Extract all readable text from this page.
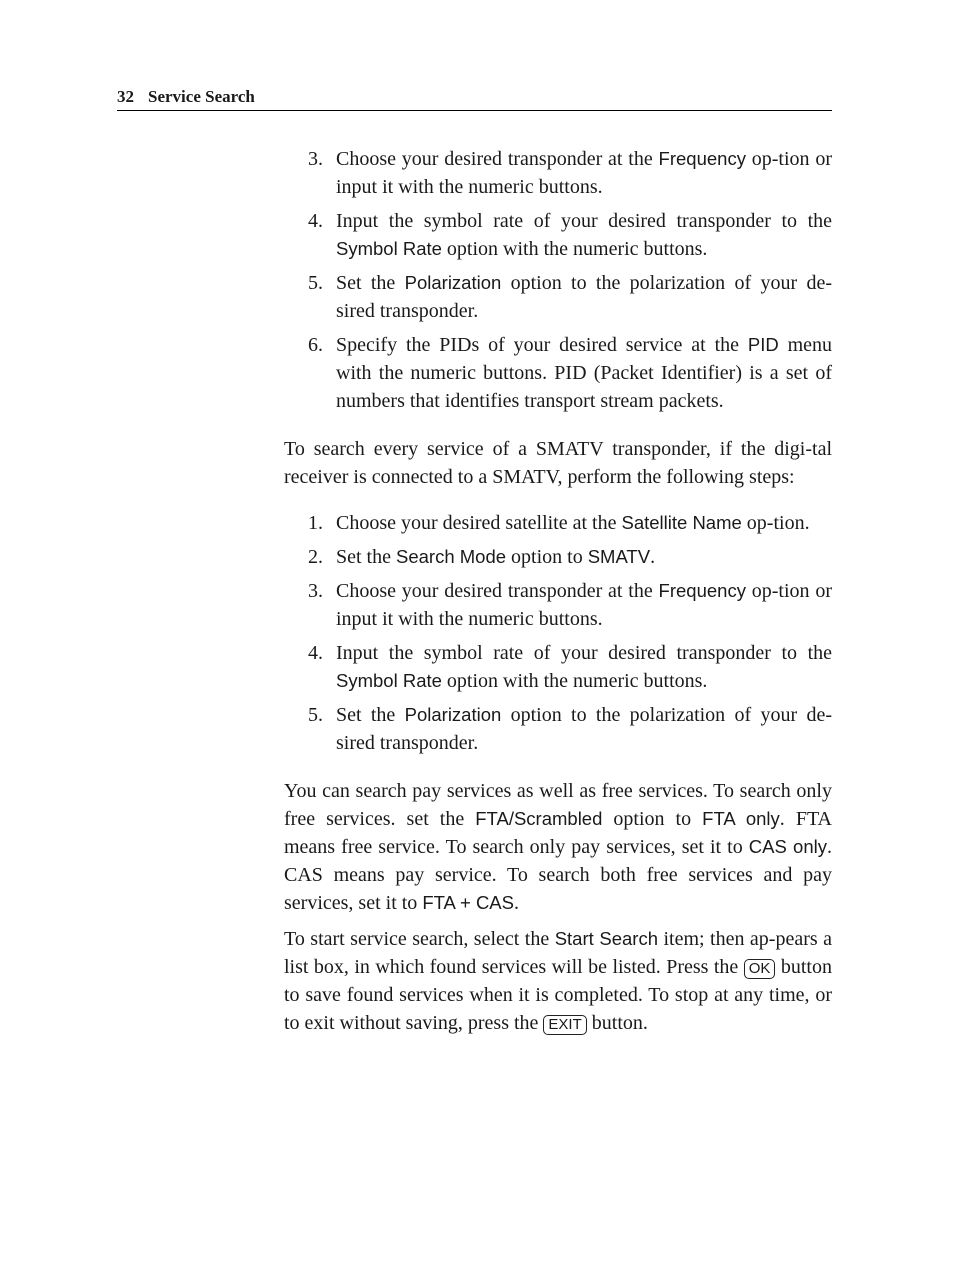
32 Service Search
3. Choose your desired transponder at the Frequency op-tion or input it with the numeric buttons.
4. Input the symbol rate of your desired transponder to the Symbol Rate option with the numeric buttons.
5. Set the Polarization option to the polarization of your de-sired transponder.
6. Specify the PIDs of your desired service at the PID menu with the numeric buttons. PID (Packet Identifier) is a set of numbers that identifies transport stream packets.

To search every service of a SMATV transponder, if the digi-tal receiver is connected to a SMATV, perform the following steps:

1. Choose your desired satellite at the Satellite Name op-tion.
2. Set the Search Mode option to SMATV.
3. Choose your desired transponder at the Frequency op-tion or input it with the numeric buttons.
4. Input the symbol rate of your desired transponder to the Symbol Rate option with the numeric buttons.
5. Set the Polarization option to the polarization of your de-sired transponder.

You can search pay services as well as free services. To search only free services. set the FTA/Scrambled option to FTA only. FTA means free service. To search only pay services, set it to CAS only. CAS means pay service. To search both free services and pay services, set it to FTA + CAS.

To start service search, select the Start Search item; then ap-pears a list box, in which found services will be listed. Press the OK button to save found services when it is completed. To stop at any time, or to exit without saving, press the EXIT button.
